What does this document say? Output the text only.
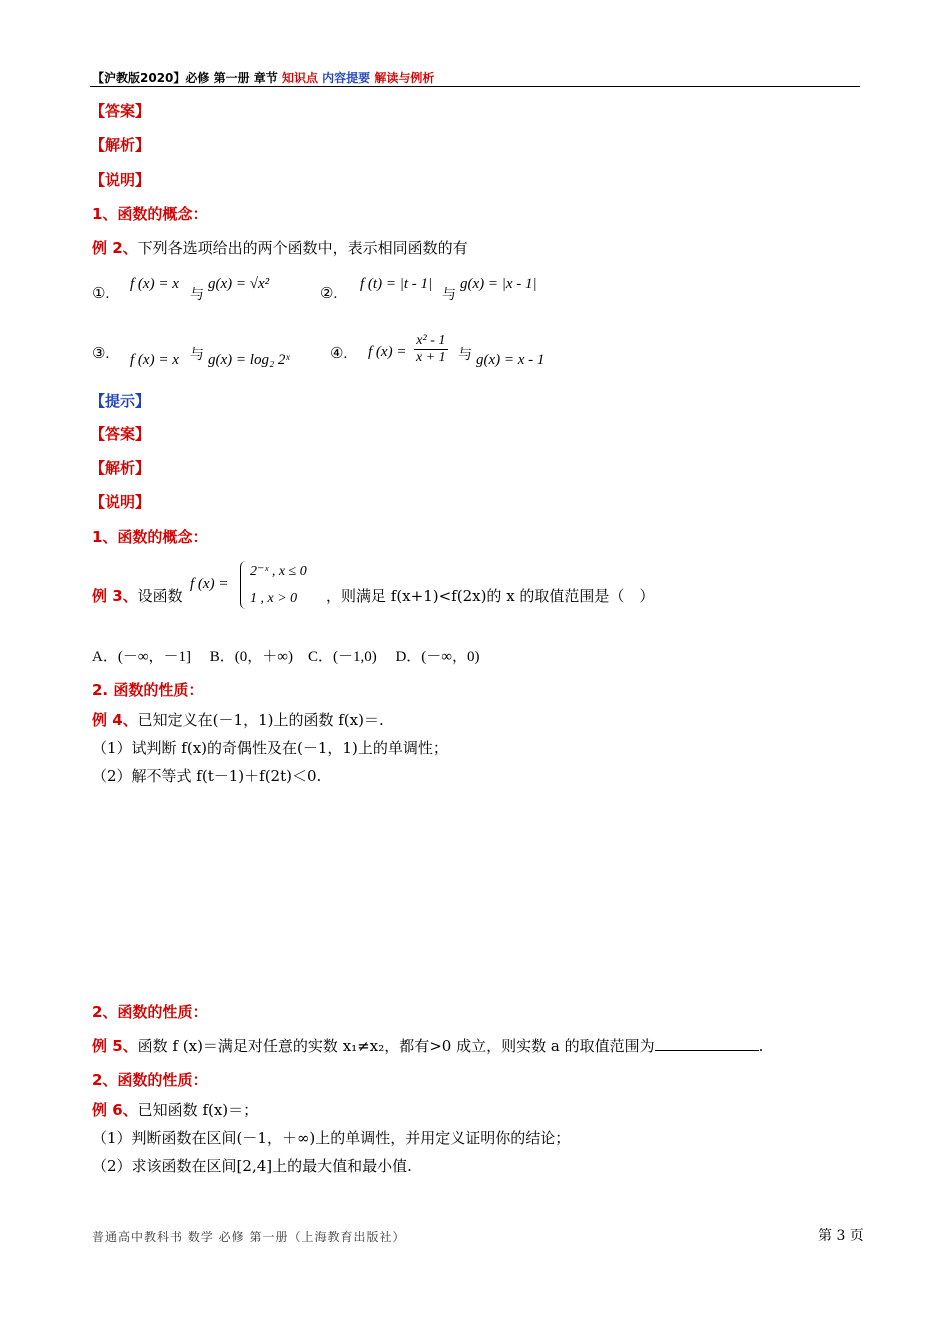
【沪教版2020】必修 第一册 章节 知识点 内容提要 解读与例析
【答案】
【解析】
【说明】
1、函数的概念：
例 2、下列各选项给出的两个函数中，表示相同函数的有
①.
f (x) = x
与
g(x) = √x²
②.
f (t) = |t - 1|
与
g(x) = |x - 1|
③. f (x) = x 与 g(x) = log₂ 2ˣ	④. f $(x) = \frac{\text{x² - 1}}{x + 1}$ 与 g(x) = x - 1
【提示】
【答案】
【解析】
【说明】
1、函数的概念：
例 3、设函数
f (x) =
2⁻ˣ , x ≤ 0
1 , x > 0 ，则满足 f(x+1)<f(2x)的 x 的取值范围是（　）
A．(－∞，－1]　 B．(0，＋∞)　C．(－1,0)　 D．(－∞，0)
2. 函数的性质：
例 4、已知定义在(－1，1)上的函数 f(x)＝.
（1）试判断 f(x)的奇偶性及在(－1，1)上的单调性；
（2）解不等式 f(t－1)＋f(2t)＜0.
2、函数的性质：
例 5、函数 f (x)＝满足对任意的实数 x₁≠x₂，都有>0 成立，则实数 a 的取值范围为	.
2、函数的性质：
例 6、已知函数 f(x)＝；
（1）判断函数在区间(－1，＋∞)上的单调性，并用定义证明你的结论；
（2）求该函数在区间[2,4]上的最大值和最小值.
普通高中教科书 数学 必修 第一册（上海教育出版社）	第 3 页
